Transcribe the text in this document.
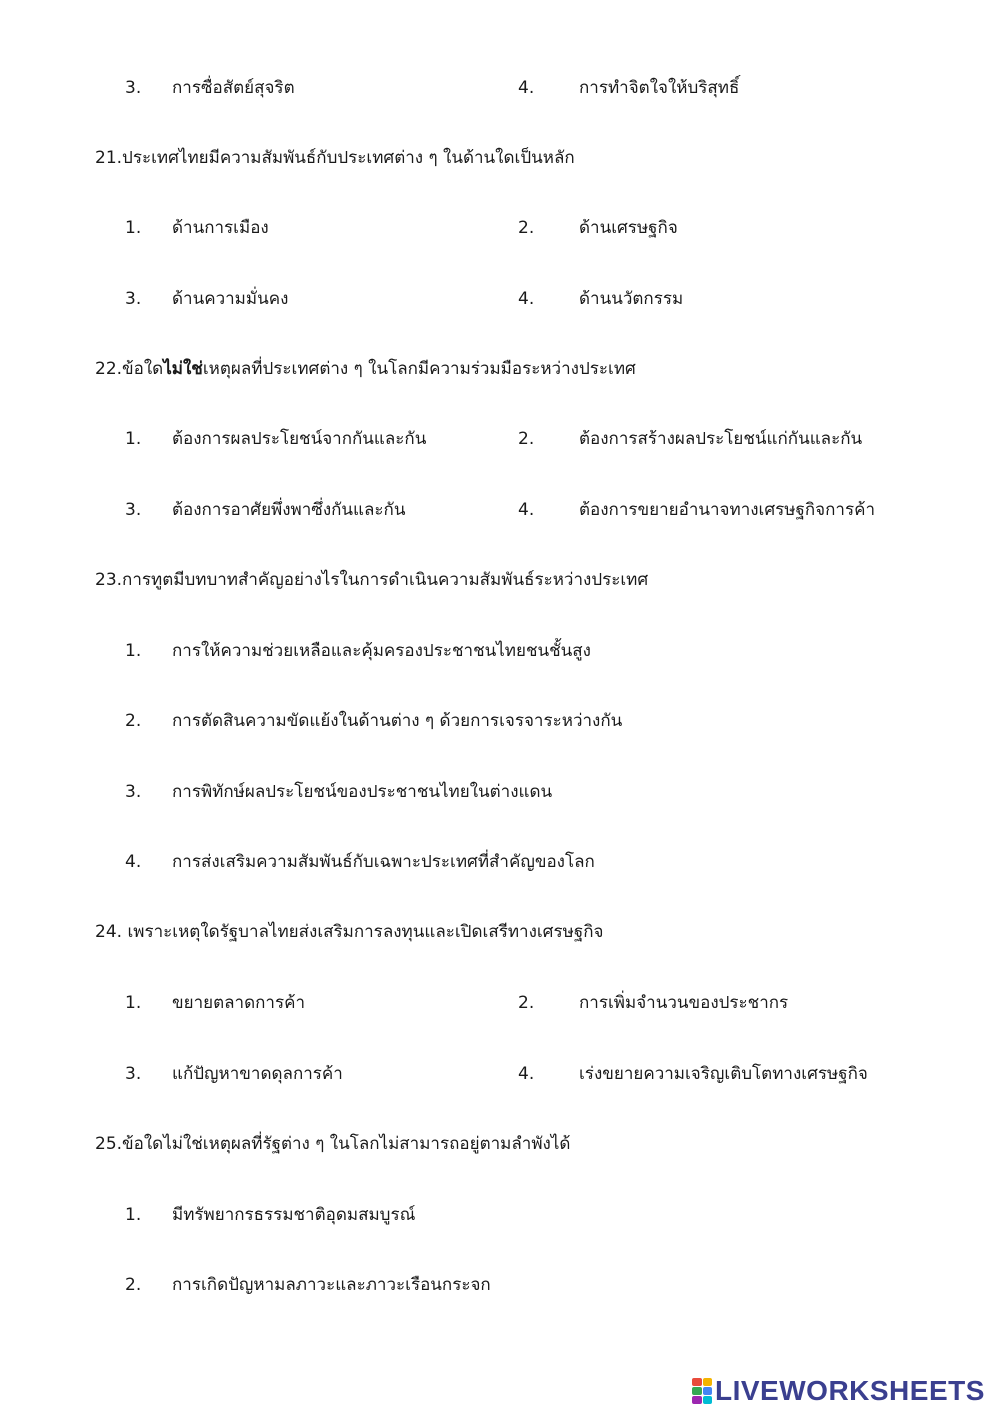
3. การซื่อสัตย์สุจริต	4.	การทำจิตใจให้บริสุทธิ์
21.ประเทศไทยมีความสัมพันธ์กับประเทศต่าง ๆ ในด้านใดเป็นหลัก
1. ด้านการเมือง	2.	ด้านเศรษฐกิจ
3. ด้านความมั่นคง	4.	ด้านนวัตกรรม
22.ข้อใดไม่ใช่เหตุผลที่ประเทศต่าง ๆ ในโลกมีความร่วมมือระหว่างประเทศ
1. ต้องการผลประโยชน์จากกันและกัน	2.	ต้องการสร้างผลประโยชน์แก่กันและกัน
3. ต้องการอาศัยพึ่งพาซึ่งกันและกัน	4.	ต้องการขยายอำนาจทางเศรษฐกิจการค้า
23.การทูตมีบทบาทสำคัญอย่างไรในการดำเนินความสัมพันธ์ระหว่างประเทศ
1. การให้ความช่วยเหลือและคุ้มครองประชาชนไทยชนชั้นสูง
2. การตัดสินความขัดแย้งในด้านต่าง ๆ ด้วยการเจรจาระหว่างกัน
3. การพิทักษ์ผลประโยชน์ของประชาชนไทยในต่างแดน
4. การส่งเสริมความสัมพันธ์กับเฉพาะประเทศที่สำคัญของโลก
24. เพราะเหตุใดรัฐบาลไทยส่งเสริมการลงทุนและเปิดเสรีทางเศรษฐกิจ
1. ขยายตลาดการค้า	2.	การเพิ่มจำนวนของประชากร
3. แก้ปัญหาขาดดุลการค้า	4.	เร่งขยายความเจริญเติบโตทางเศรษฐกิจ
25.ข้อใดไม่ใช่เหตุผลที่รัฐต่าง ๆ ในโลกไม่สามารถอยู่ตามลำพังได้
1. มีทรัพยากรธรรมชาติอุดมสมบูรณ์
2. การเกิดปัญหามลภาวะและภาวะเรือนกระจก
LIVEWORKSHEETS
